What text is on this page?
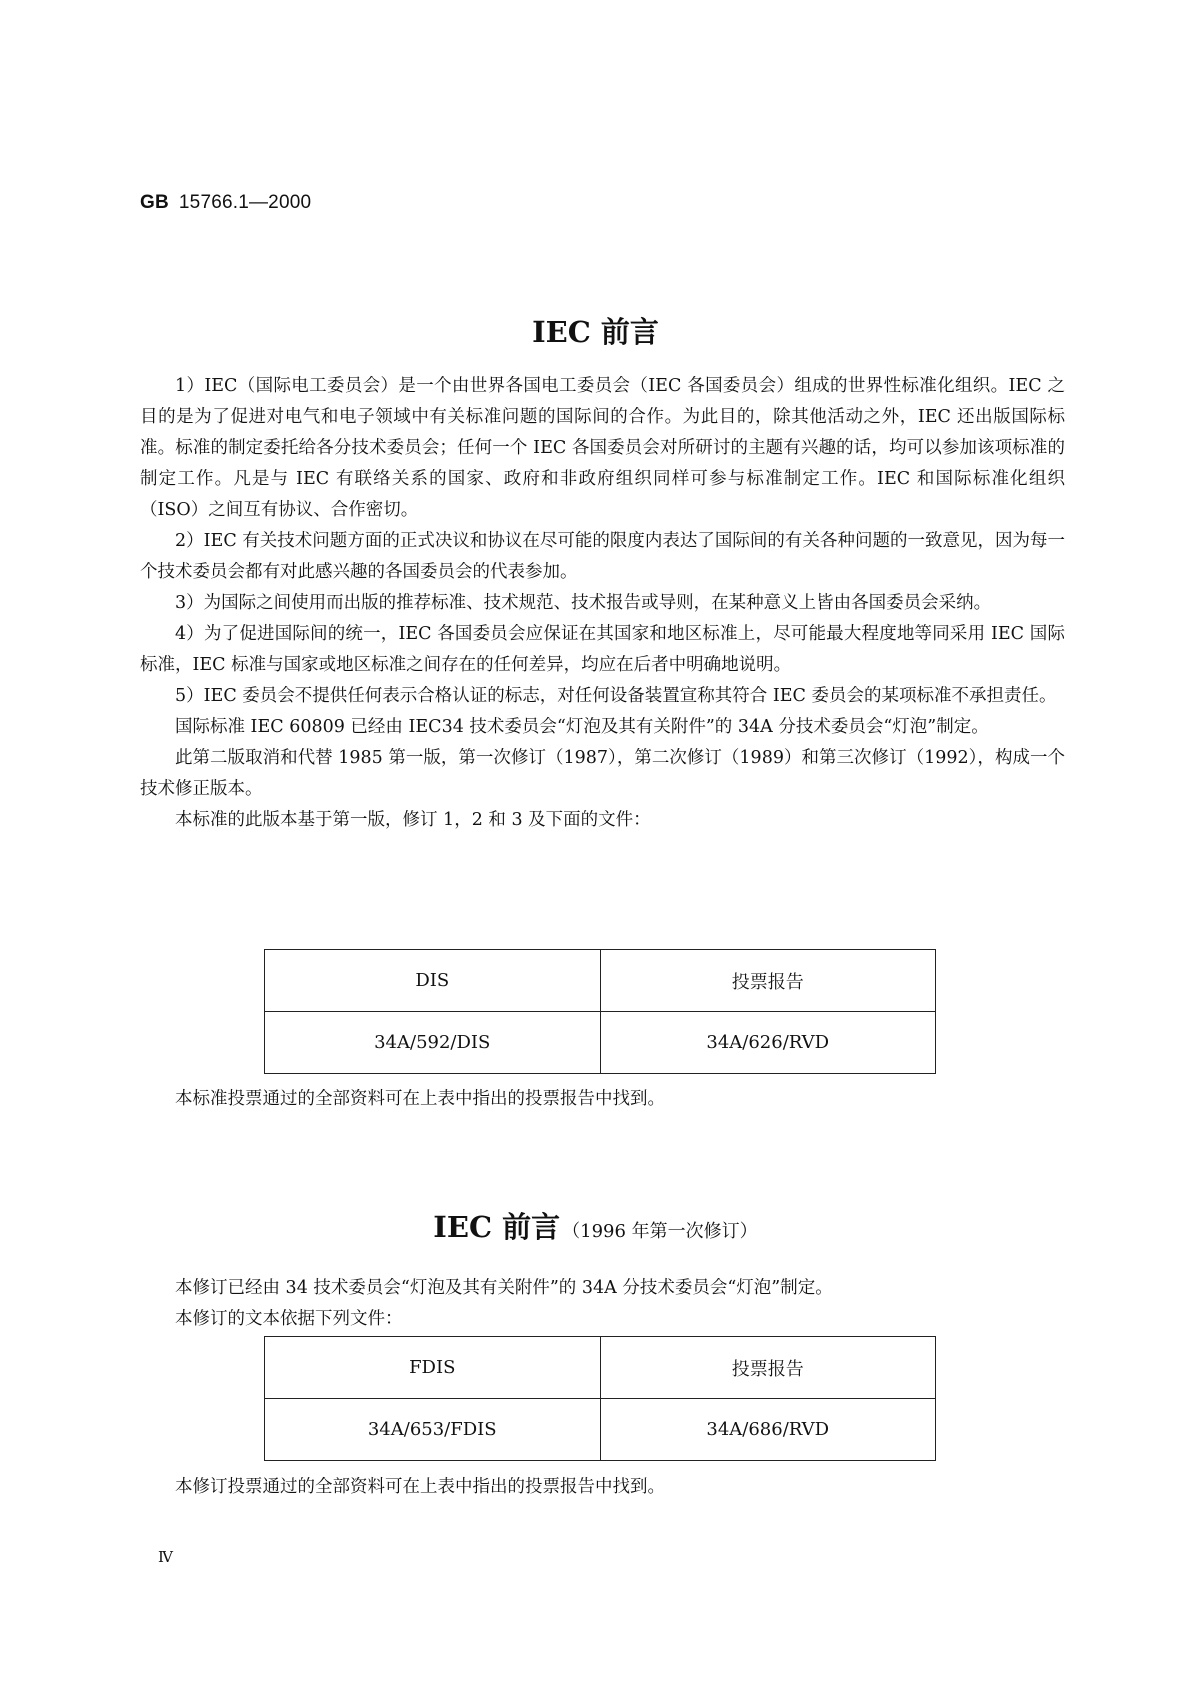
GB 15766.1—2000
IEC 前言

1）IEC（国际电工委员会）是一个由世界各国电工委员会（IEC 各国委员会）组成的世界性标准化组织。IEC 之目的是为了促进对电气和电子领域中有关标准问题的国际间的合作。为此目的，除其他活动之外，IEC 还出版国际标准。标准的制定委托给各分技术委员会；任何一个 IEC 各国委员会对所研讨的主题有兴趣的话，均可以参加该项标准的制定工作。凡是与 IEC 有联络关系的国家、政府和非政府组织同样可参与标准制定工作。IEC 和国际标准化组织（ISO）之间互有协议、合作密切。

2）IEC 有关技术问题方面的正式决议和协议在尽可能的限度内表达了国际间的有关各种问题的一致意见，因为每一个技术委员会都有对此感兴趣的各国委员会的代表参加。

3）为国际之间使用而出版的推荐标准、技术规范、技术报告或导则，在某种意义上皆由各国委员会采纳。

4）为了促进国际间的统一，IEC 各国委员会应保证在其国家和地区标准上，尽可能最大程度地等同采用 IEC 国际标准，IEC 标准与国家或地区标准之间存在的任何差异，均应在后者中明确地说明。

5）IEC 委员会不提供任何表示合格认证的标志，对任何设备装置宣称其符合 IEC 委员会的某项标准不承担责任。

国际标准 IEC 60809 已经由 IEC34 技术委员会“灯泡及其有关附件”的 34A 分技术委员会“灯泡”制定。

此第二版取消和代替 1985 第一版，第一次修订（1987），第二次修订（1989）和第三次修订（1992），构成一个技术修正版本。

本标准的此版本基于第一版，修订 1，2 和 3 及下面的文件：

DIS	投票报告
34A/592/DIS	34A/626/RVD
本标准投票通过的全部资料可在上表中指出的投票报告中找到。
IEC 前言 （1996 年第一次修订）

本修订已经由 34 技术委员会“灯泡及其有关附件”的 34A 分技术委员会“灯泡”制定。

本修订的文本依据下列文件：

FDIS	投票报告
34A/653/FDIS	34A/686/RVD
本修订投票通过的全部资料可在上表中指出的投票报告中找到。
Ⅳ
